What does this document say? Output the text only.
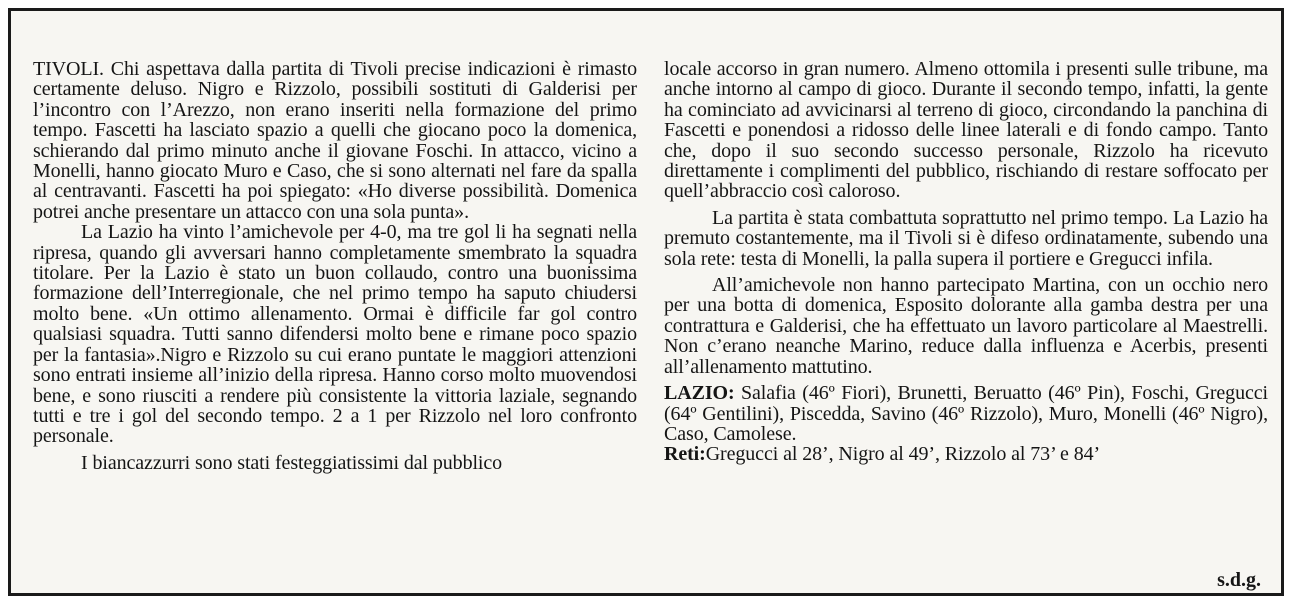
TIVOLI. Chi aspettava dalla partita di Tivoli precise indicazioni è rimasto certamente deluso. Nigro e Rizzolo, possibili sostituti di Galderisi per l’incontro con l’Arezzo, non erano inseriti nella formazione del primo tempo. Fascetti ha lasciato spazio a quelli che giocano poco la domenica, schierando dal primo minuto anche il giovane Foschi. In attacco, vicino a Monelli, hanno giocato Muro e Caso, che si sono alternati nel fare da spalla al centravanti. Fascetti ha poi spiegato: «Ho diverse possibilità. Domenica potrei anche presentare un attacco con una sola punta».

La Lazio ha vinto l’amichevole per 4-0, ma tre gol li ha segnati nella ripresa, quando gli avversari hanno completamente smembrato la squadra titolare. Per la Lazio è stato un buon collaudo, contro una buonissima formazione dell’Interregionale, che nel primo tempo ha saputo chiudersi molto bene. «Un ottimo allenamento. Ormai è difficile far gol contro qualsiasi squadra. Tutti sanno difendersi molto bene e rimane poco spazio per la fantasia».Nigro e Rizzolo su cui erano puntate le maggiori attenzioni sono entrati insieme all’inizio della ripresa. Hanno corso molto muovendosi bene, e sono riusciti a rendere più consistente la vittoria laziale, segnando tutti e tre i gol del secondo tempo. 2 a 1 per Rizzolo nel loro confronto personale.

I biancazzurri sono stati festeggiatissimi dal pubblico

locale accorso in gran numero. Almeno ottomila i presenti sulle tribune, ma anche intorno al campo di gioco. Durante il secondo tempo, infatti, la gente ha cominciato ad avvicinarsi al terreno di gioco, circondando la panchina di Fascetti e ponendosi a ridosso delle linee laterali e di fondo campo. Tanto che, dopo il suo secondo successo personale, Rizzolo ha ricevuto direttamente i complimenti del pubblico, rischiando di restare soffocato per quell’abbraccio così caloroso.

La partita è stata combattuta soprattutto nel primo tempo. La Lazio ha premuto costantemente, ma il Tivoli si è difeso ordinatamente, subendo una sola rete: testa di Monelli, la palla supera il portiere e Gregucci infila.

All’amichevole non hanno partecipato Martina, con un occhio nero per una botta di domenica, Esposito dolorante alla gamba destra per una contrattura e Galderisi, che ha effettuato un lavoro particolare al Maestrelli. Non c’erano neanche Marino, reduce dalla influenza e Acerbis, presenti all’allenamento mattutino.

LAZIO: Salafia (46º Fiori), Brunetti, Beruatto (46º Pin), Foschi, Gregucci (64º Gentilini), Piscedda, Savino (46º Rizzolo), Muro, Monelli (46º Nigro), Caso, Camolese.

Reti:Gregucci al 28’, Nigro al 49’, Rizzolo al 73’ e 84’

s.d.g.
